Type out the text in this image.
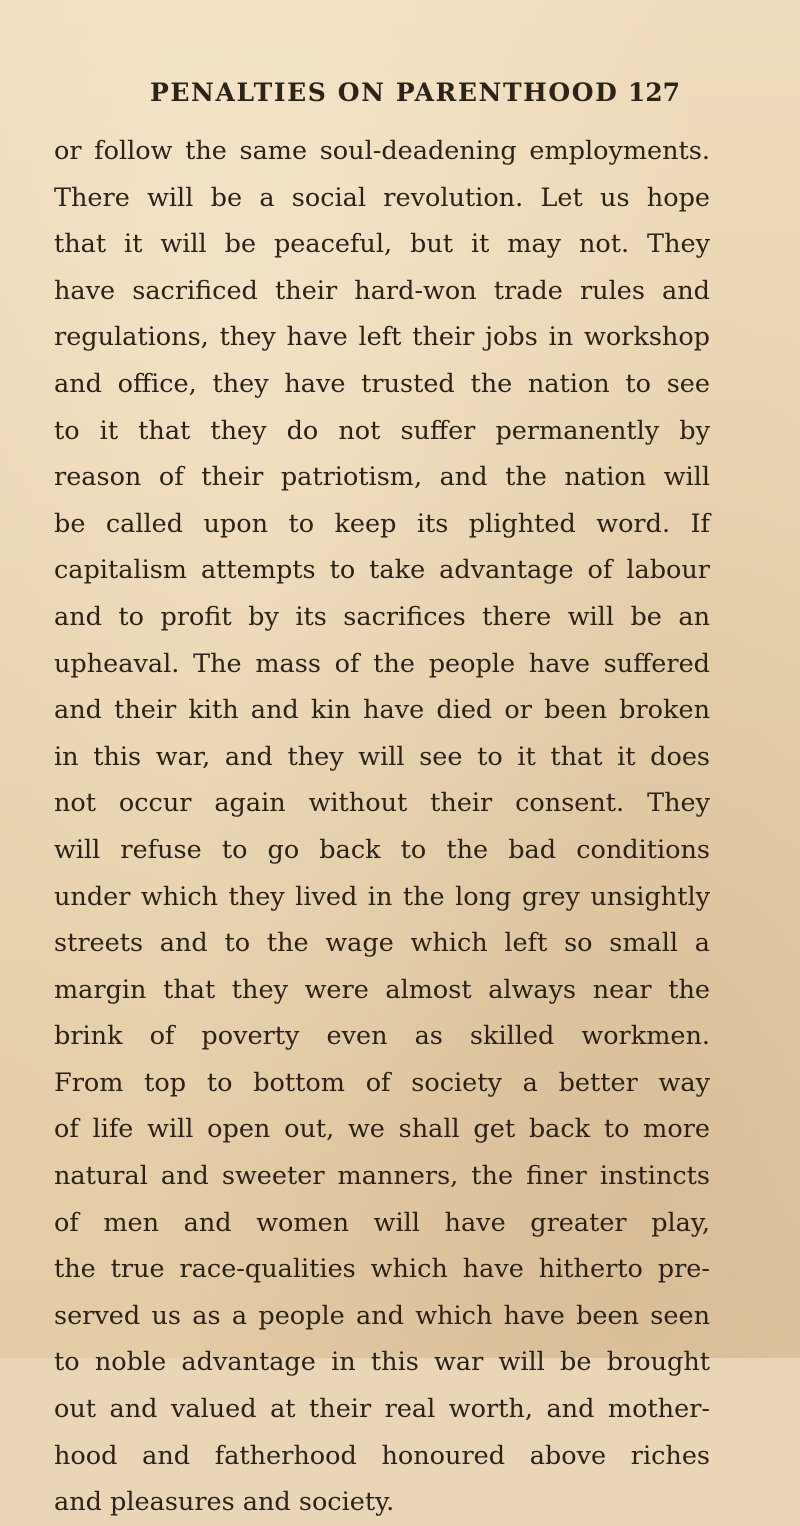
PENALTIES ON PARENTHOOD 127
or follow the same soul-deadening employments.
There will be a social revolution. Let us hope
that it will be peaceful, but it may not. They
have sacrificed their hard-won trade rules and
regulations, they have left their jobs in workshop
and office, they have trusted the nation to see
to it that they do not suffer permanently by
reason of their patriotism, and the nation will
be called upon to keep its plighted word. If
capitalism attempts to take advantage of labour
and to profit by its sacrifices there will be an
upheaval. The mass of the people have suffered
and their kith and kin have died or been broken
in this war, and they will see to it that it does
not occur again without their consent. They
will refuse to go back to the bad conditions
under which they lived in the long grey unsightly
streets and to the wage which left so small a
margin that they were almost always near the
brink of poverty even as skilled workmen.
From top to bottom of society a better way
of life will open out, we shall get back to more
natural and sweeter manners, the finer instincts
of men and women will have greater play,
the true race-qualities which have hitherto pre-
served us as a people and which have been seen
to noble advantage in this war will be brought
out and valued at their real worth, and mother-
hood and fatherhood honoured above riches
and pleasures and society.
